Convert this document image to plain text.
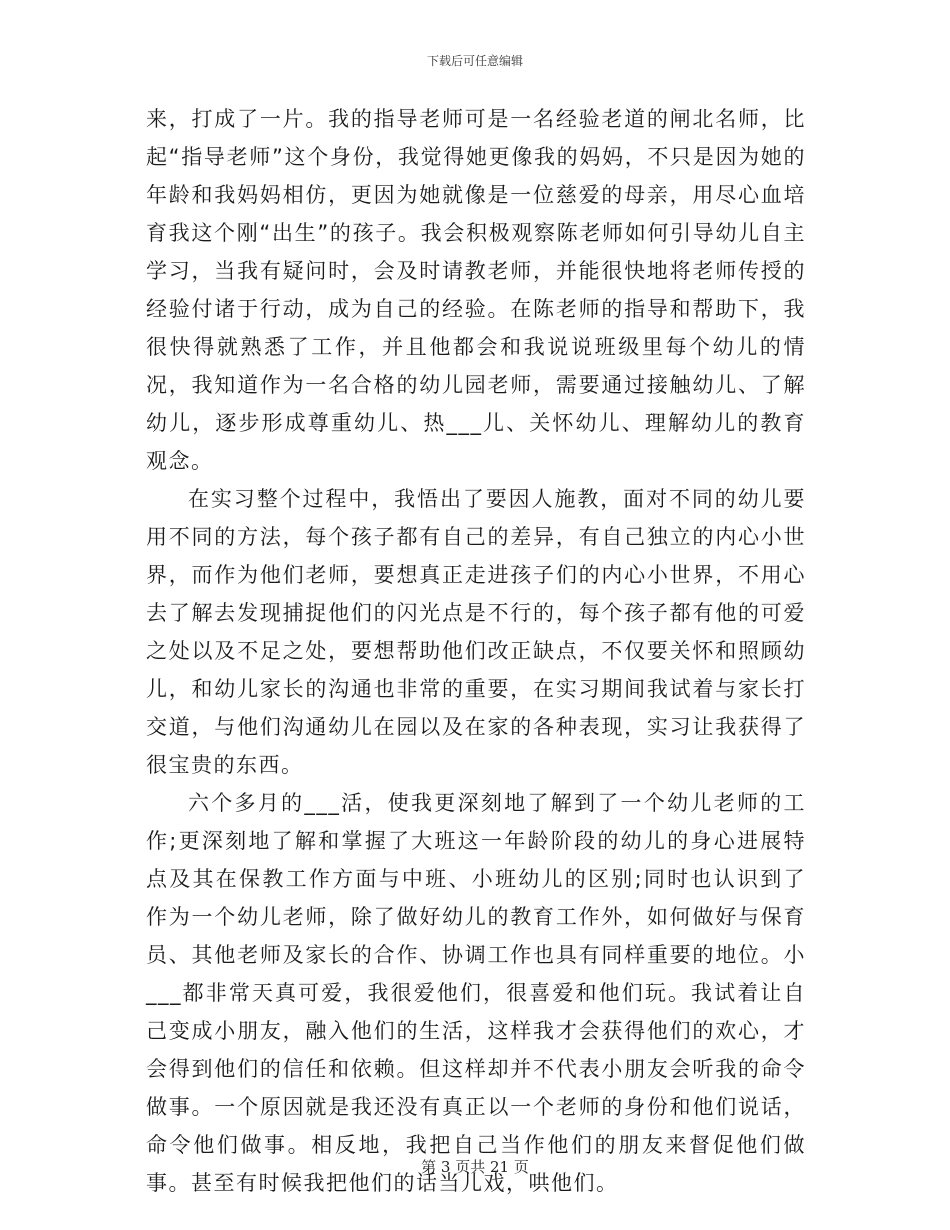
下载后可任意编辑

来，打成了一片。我的指导老师可是一名经验老道的闸北名师，比起“指导老师”这个身份，我觉得她更像我的妈妈，不只是因为她的年龄和我妈妈相仿，更因为她就像是一位慈爱的母亲，用尽心血培育我这个刚“出生”的孩子。我会积极观察陈老师如何引导幼儿自主学习，当我有疑问时，会及时请教老师，并能很快地将老师传授的经验付诸于行动，成为自己的经验。在陈老师的指导和帮助下，我很快得就熟悉了工作，并且他都会和我说说班级里每个幼儿的情况，我知道作为一名合格的幼儿园老师，需要通过接触幼儿、了解幼儿，逐步形成尊重幼儿、热___儿、关怀幼儿、理解幼儿的教育观念。

在实习整个过程中，我悟出了要因人施教，面对不同的幼儿要用不同的方法，每个孩子都有自己的差异，有自己独立的内心小世界，而作为他们老师，要想真正走进孩子们的内心小世界，不用心去了解去发现捕捉他们的闪光点是不行的，每个孩子都有他的可爱之处以及不足之处，要想帮助他们改正缺点，不仅要关怀和照顾幼儿，和幼儿家长的沟通也非常的重要，在实习期间我试着与家长打交道，与他们沟通幼儿在园以及在家的各种表现，实习让我获得了很宝贵的东西。

六个多月的___活，使我更深刻地了解到了一个幼儿老师的工作;更深刻地了解和掌握了大班这一年龄阶段的幼儿的身心进展特点及其在保教工作方面与中班、小班幼儿的区别;同时也认识到了作为一个幼儿老师，除了做好幼儿的教育工作外，如何做好与保育员、其他老师及家长的合作、协调工作也具有同样重要的地位。小___都非常天真可爱，我很爱他们，很喜爱和他们玩。我试着让自己变成小朋友，融入他们的生活，这样我才会获得他们的欢心，才会得到他们的信任和依赖。但这样却并不代表小朋友会听我的命令做事。一个原因就是我还没有真正以一个老师的身份和他们说话，命令他们做事。相反地，我把自己当作他们的朋友来督促他们做事。甚至有时候我把他们的话当儿戏，哄他们。

第 3 页共 21 页
